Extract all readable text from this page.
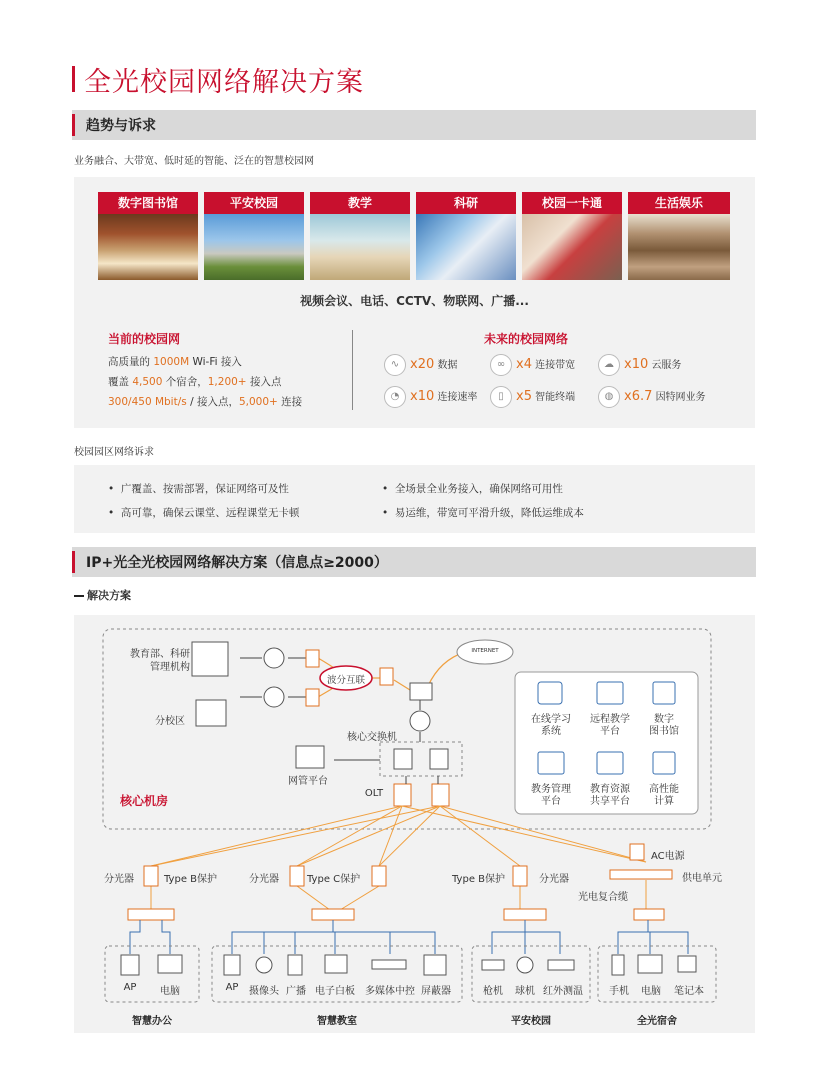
全光校园网络解决方案
趋势与诉求
业务融合、大带宽、低时延的智能、泛在的智慧校园网
数字图书馆	平安校园	教学	科研	校园一卡通	生活娱乐
视频会议、电话、CCTV、物联网、广播...
当前的校园网
高质量的 1000M Wi-Fi 接入
覆盖 4,500 个宿舍，1,200+ 接入点
300/450 Mbit/s / 接入点，5,000+ 连接
未来的校园网络
∿ x20 数据	∞ x4 连接带宽	☁ x10 云服务
◔ x10 连接速率	▯ x5 智能终端	◍ x6.7 因特网业务
校园园区网络诉求
•  广覆盖、按需部署，保证网络可及性	•  全场景全业务接入，确保网络可用性
•  高可靠，确保云课堂、远程课堂无卡顿	•  易运维，带宽可平滑升级，降低运维成本
IP+光全光校园网络解决方案（信息点≥2000）
解决方案
教育部、科研
管理机构
分校区
波分互联
INTERNET
核心交换机
网管平台
核心机房
OLT
在线学习
系统
远程教学
平台
数字
图书馆
教务管理
平台
教育资源
共享平台
高性能
计算
分光器	Type B保护	分光器	Type C保护	Type B保护	分光器
AC电源
供电单元
光电复合缆
AP	电脑	AP	摄像头 广播 电子白板	多媒体中控 屏蔽器	枪机	球机 红外测温	手机	电脑	笔记本
智慧办公	智慧教室	平安校园	全光宿舍
